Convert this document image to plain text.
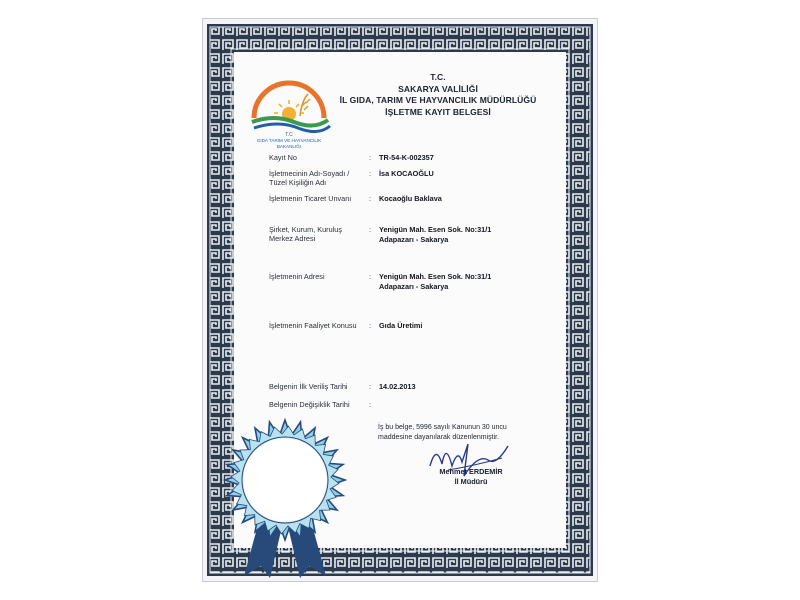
T.C
GIDA TARIM VE HAYVANCILIK
BAKANLIĞI
T.C.
SAKARYA VALİLİĞİ
İL GIDA, TARIM VE HAYVANCILIK MÜDÜRLÜĞÜ
İŞLETME KAYIT BELGESİ
Kayıt No	: TR-54-K-002357
İşletmecinin Adı-Soyadı /
Tüzel Kişiliğin Adı
: İsa KOCAOĞLU
İşletmenin Ticaret Unvanı : Kocaoğlu Baklava
Şirket, Kurum, Kuruluş
Merkez Adresi
: Yenigün Mah. Esen Sok. No:31/1
Adapazarı - Sakarya
İşletmenin Adresi	: Yenigün Mah. Esen Sok. No:31/1
Adapazarı - Sakarya
İşletmenin Faaliyet Konusu : Gıda Üretimi
Belgenin İlk Veriliş Tarihi	: 14.02.2013
Belgenin Değişiklik Tarihi	:
İş bu belge, 5996 sayılı Kanunun 30 uncu
maddesine dayanılarak düzenlenmiştir.
Mehmet ERDEMİR
İl Müdürü
